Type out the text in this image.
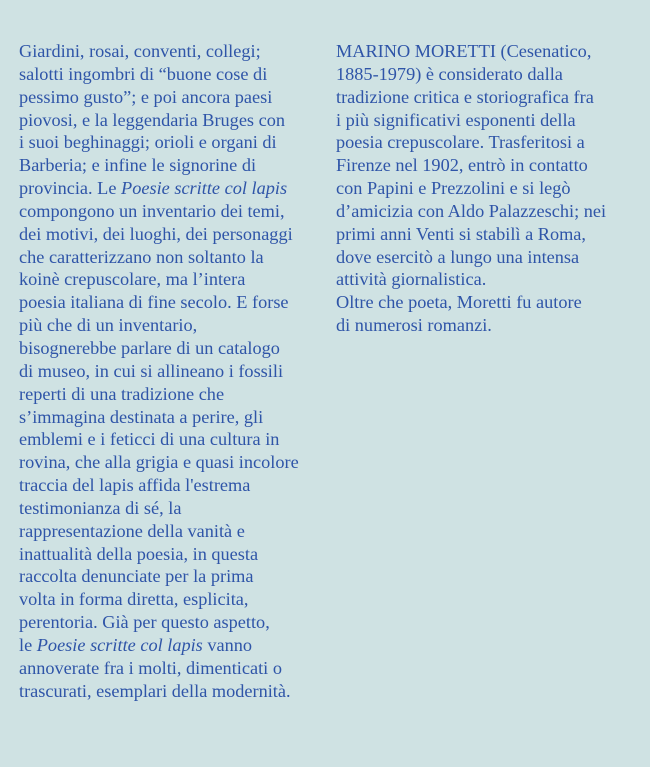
Giardini, rosai, conventi, collegi;
salotti ingombri di “buone cose di
pessimo gusto”; e poi ancora paesi
piovosi, e la leggendaria Bruges con
i suoi beghinaggi; orioli e organi di
Barberia; e infine le signorine di
provincia. Le Poesie scritte col lapis
compongono un inventario dei temi,
dei motivi, dei luoghi, dei personaggi
che caratterizzano non soltanto la
koinè crepuscolare, ma l’intera
poesia italiana di fine secolo. E forse
più che di un inventario,
bisognerebbe parlare di un catalogo
di museo, in cui si allineano i fossili
reperti di una tradizione che
s’immagina destinata a perire, gli
emblemi e i feticci di una cultura in
rovina, che alla grigia e quasi incolore
traccia del lapis affida l'estrema
testimonianza di sé, la
rappresentazione della vanità e
inattualità della poesia, in questa
raccolta denunciate per la prima
volta in forma diretta, esplicita,
perentoria. Già per questo aspetto,
le Poesie scritte col lapis vanno
annoverate fra i molti, dimenticati o
trascurati, esemplari della modernità.
MARINO MORETTI (Cesenatico,
1885-1979) è considerato dalla
tradizione critica e storiografica fra
i più significativi esponenti della
poesia crepuscolare. Trasferitosi a
Firenze nel 1902, entrò in contatto
con Papini e Prezzolini e si legò
d’amicizia con Aldo Palazzeschi; nei
primi anni Venti si stabilì a Roma,
dove esercitò a lungo una intensa
attività giornalistica.
Oltre che poeta, Moretti fu autore
di numerosi romanzi.
